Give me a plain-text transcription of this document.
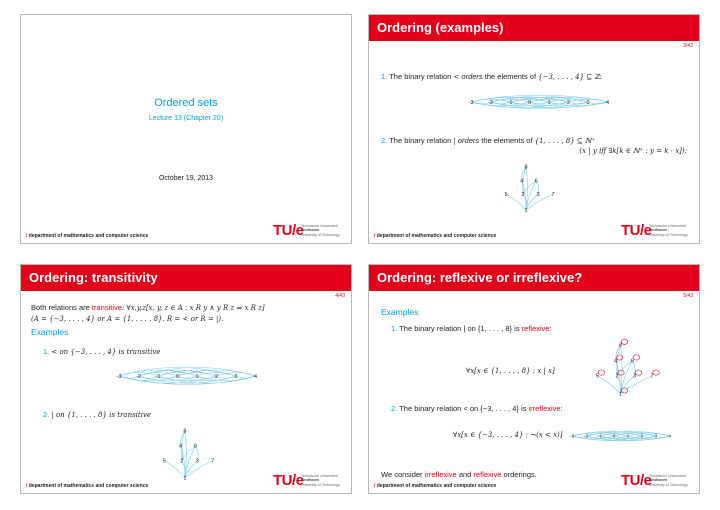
Ordered sets
Lecture 13 (Chapter 20)
October 19, 2013
/ department of mathematics and computer science	TU/e
Technische Universiteit
Eindhoven
University of Technology
Ordering (examples)
3/43
1. The binary relation < orders the elements of {−3, . . . , 4} ⊆ ℤ:
-3	-2	-1	0	1	2	3	4
2. The binary relation | orders the elements of {1, . . . , 8} ⊆ ℕ⁺
(x | y iff ∃k[k ∈ ℕ⁺ : y = k · x]):
8
4 6
5 2 3 7
1
/ department of mathematics and computer science	TU/e
Technische Universiteit
Eindhoven
University of Technology
Ordering: transitivity
4/43
Both relations are transitive: ∀x,y,z[x, y, z ∈ A : x R y ∧ y R z ⇒ x R z]
(A = {−3, . . . , 4} or A = {1, . . . , 8}, R = < or R = |).
Examples
1. < on {−3, . . . , 4} is transitive
-3	-2	-1	0	1	2	3	4
2. | on {1, . . . , 8} is transitive
8
4 6
5	2 3 7
1
/ department of mathematics and computer science	TU/e
Technische Universiteit
Eindhoven
University of Technology
Ordering: reflexive or irreflexive?
5/43
Examples
1. The binary relation | on {1, . . . , 8} is reflexive:
∀x[x ∈ {1, . . . , 8} : x | x]
8
4 6
5	2	3	7
1
2. The binary relation < on {−3, . . . , 4} is irreflexive:
∀x[x ∈ {−3, . . . , 4} : ¬(x < x)] -3 -2 -1 0	1	2	3	4
We consider irreflexive and reflexive orderings.
/ department of mathematics and computer science	TU/e
Technische Universiteit
Eindhoven
University of Technology
